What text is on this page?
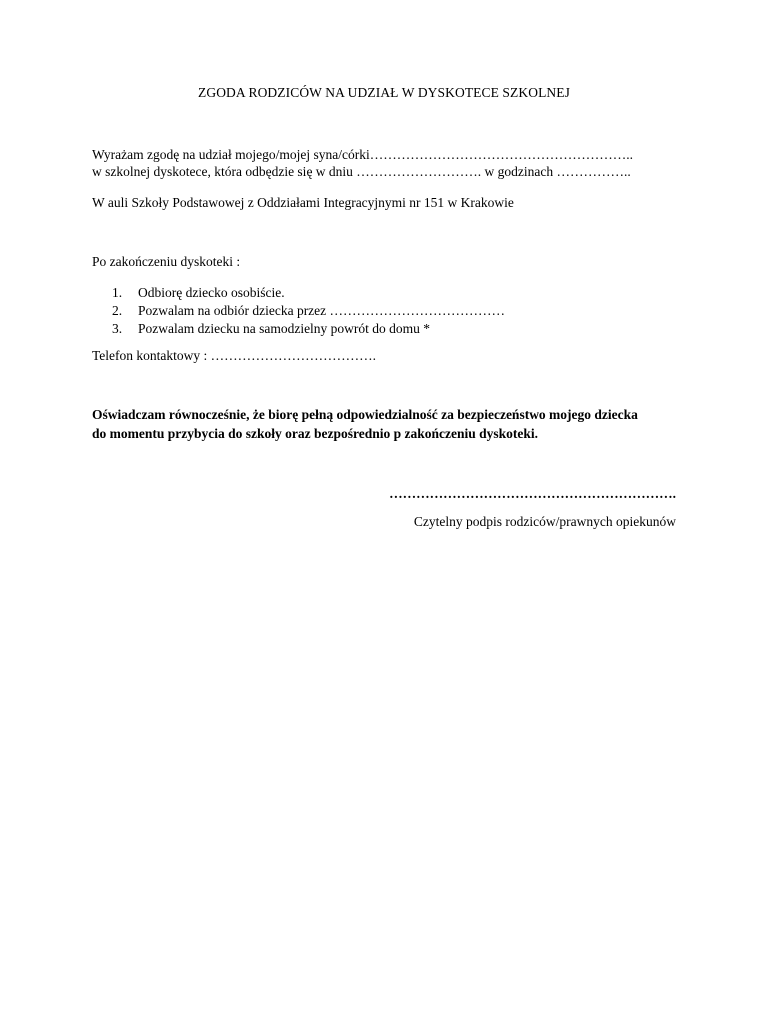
ZGODA RODZICÓW NA UDZIAŁ W DYSKOTECE SZKOLNEJ
Wyrażam zgodę na udział mojego/mojej syna/córki…………………………………………………..
w szkolnej dyskotece, która odbędzie się w dniu ………………………. w godzinach ……………..
W auli Szkoły Podstawowej z Oddziałami Integracyjnymi nr 151 w Krakowie
Po zakończeniu dyskoteki :
1. Odbiorę dziecko osobiście.
2. Pozwalam na odbiór dziecka przez …………………………………
3. Pozwalam dziecku na samodzielny powrót do domu *
Telefon kontaktowy : ……………………………….
Oświadczam równocześnie, że biorę pełną odpowiedzialność za bezpieczeństwo mojego dziecka
do momentu przybycia do szkoły oraz bezpośrednio p zakończeniu dyskoteki.
……………………………………………………….
Czytelny podpis rodziców/prawnych opiekunów
